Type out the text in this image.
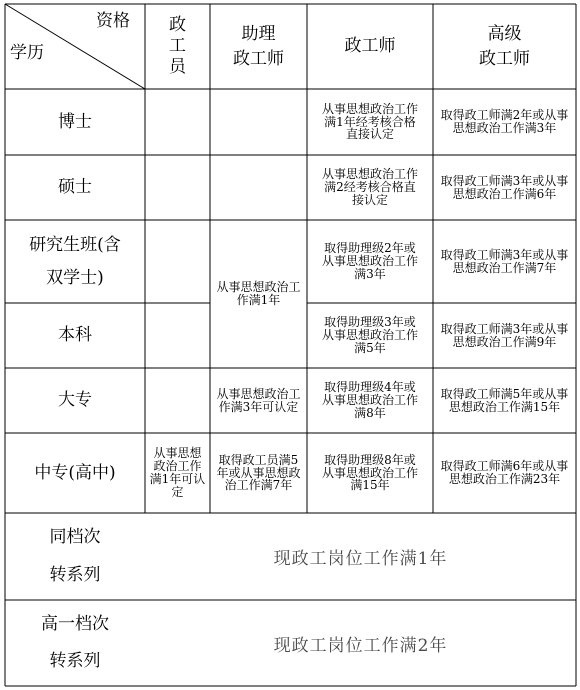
资格
学历
政
工
员
助理
政工师
政工师
高级
政工师
博士
从事思想政治工作满1年经考核合格直接认定
取得政工师满2年或从事思想政治工作满3年
硕士
从事思想政治工作满2经考核合格直接认定
取得政工师满3年或从事思想政治工作满6年
研究生班(含
双学士)
取得助理级2年或从事思想政治工作满3年
取得政工师满3年或从事思想政治工作满7年
从事思想政治工作满1年
本科
取得助理级3年或从事思想政治工作满5年
取得政工师满3年或从事思想政治工作满9年
大专	从事思想政治工作满3年可认定
取得助理级4年或从事思想政治工作满8年
取得政工师满5年或从事思想政治工作满15年
中专(高中)
从事思想政治工作满1年可认定
取得政工员满5年或从事思想政治工作满7年
取得助理级8年或从事思想政治工作满15年
取得政工师满6年或从事思想政治工作满23年
同档次
转系列
现政工岗位工作满1年
高一档次
转系列
现政工岗位工作满2年
